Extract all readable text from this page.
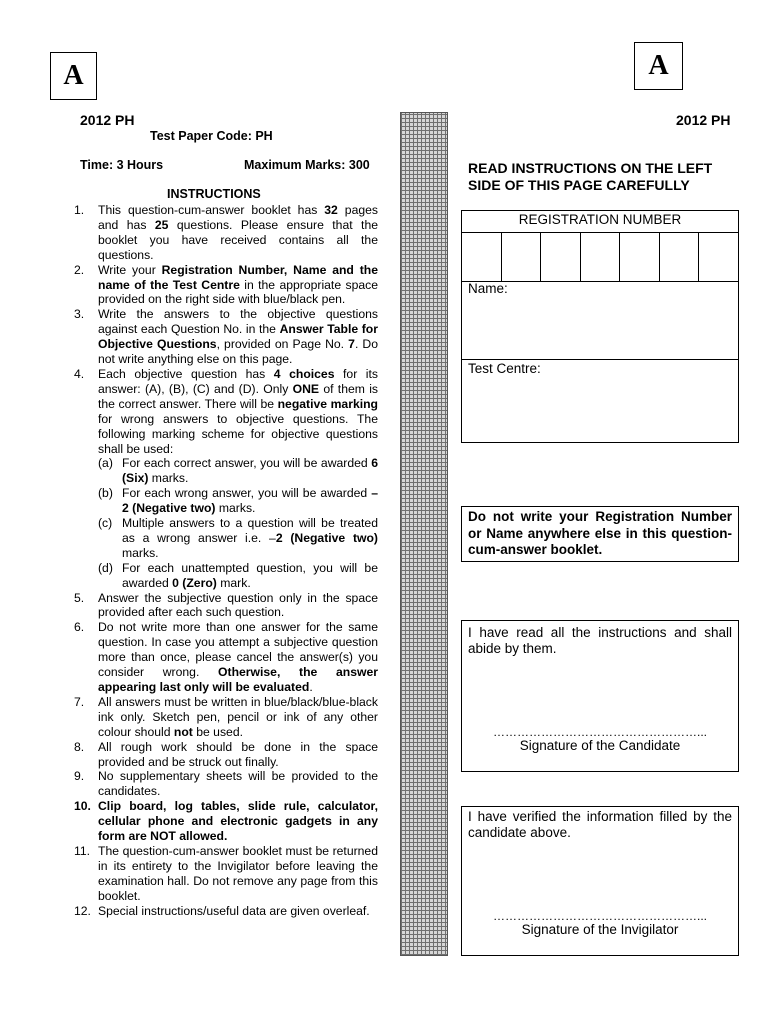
A	A
2012 PH
Test Paper Code: PH
Time: 3 Hours	Maximum Marks: 300
INSTRUCTIONS
1. This question-cum-answer booklet has 32 pages and has 25 questions. Please ensure that the booklet you have received contains all the questions.
2. Write your Registration Number, Name and the name of the Test Centre in the appropriate space provided on the right side with blue/black pen.
3. Write the answers to the objective questions against each Question No. in the Answer Table for Objective Questions, provided on Page No. 7. Do not write anything else on this page.
4. Each objective question has 4 choices for its answer: (A), (B), (C) and (D). Only ONE of them is the correct answer. There will be negative marking for wrong answers to objective questions. The following marking scheme for objective questions shall be used:
(a) For each correct answer, you will be awarded 6 (Six) marks.
(b) For each wrong answer, you will be awarded –2 (Negative two) marks.
(c) Multiple answers to a question will be treated as a wrong answer i.e. –2 (Negative two) marks.
(d) For each unattempted question, you will be awarded 0 (Zero) mark.
5. Answer the subjective question only in the space provided after each such question.
6. Do not write more than one answer for the same question. In case you attempt a subjective question more than once, please cancel the answer(s) you consider wrong. Otherwise, the answer appearing last only will be evaluated.
7. All answers must be written in blue/black/blue-black ink only. Sketch pen, pencil or ink of any other colour should not be used.
8. All rough work should be done in the space provided and be struck out finally.
9. No supplementary sheets will be provided to the candidates.
10. Clip board, log tables, slide rule, calculator, cellular phone and electronic gadgets in any form are NOT allowed.
11. The question-cum-answer booklet must be returned in its entirety to the Invigilator before leaving the examination hall. Do not remove any page from this booklet.
12. Special instructions/useful data are given overleaf.
2012 PH
READ INSTRUCTIONS ON THE LEFT SIDE OF THIS PAGE CAREFULLY
REGISTRATION NUMBER
Name:
Test Centre:
Do not write your Registration Number or Name anywhere else in this question-cum-answer booklet.
I have read all the instructions and shall abide by them.
……………………………………………...
Signature of the Candidate
I have verified the information filled by the candidate above.
……………………………………………...
Signature of the Invigilator
